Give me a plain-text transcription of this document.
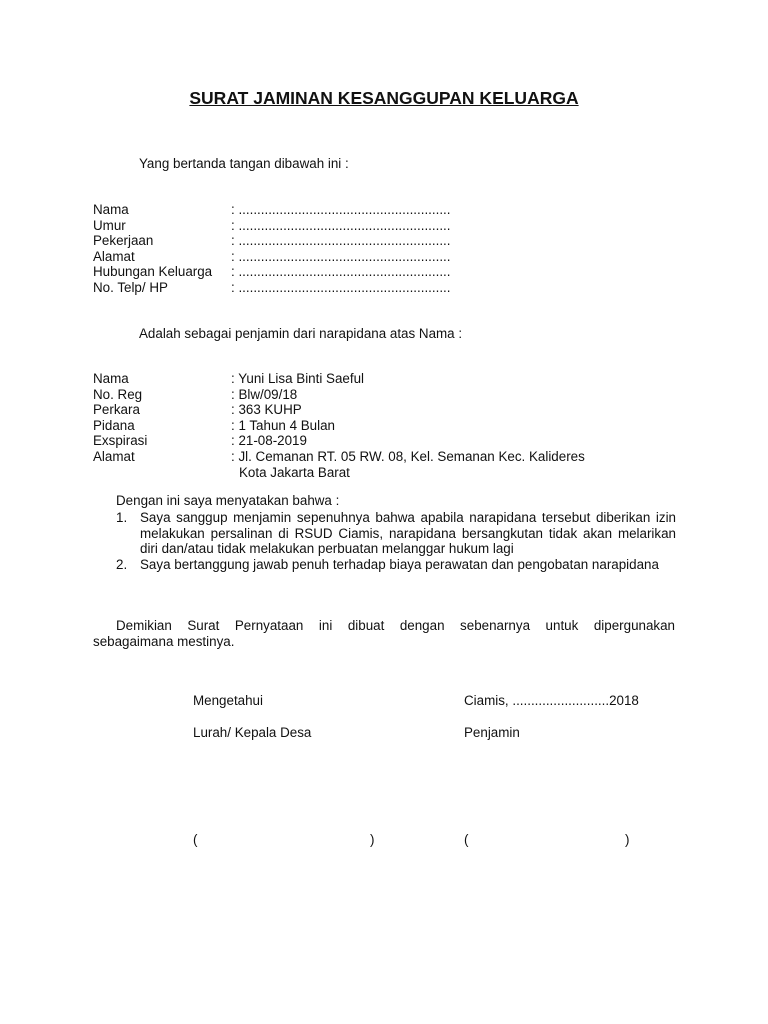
SURAT JAMINAN KESANGGUPAN KELUARGA
Yang bertanda tangan dibawah ini :
Nama	: .........................................................
Umur	: .........................................................
Pekerjaan	: .........................................................
Alamat	: .........................................................
Hubungan Keluarga	: .........................................................
No. Telp/ HP	: .........................................................
Adalah sebagai penjamin dari narapidana atas Nama :
Nama	: Yuni Lisa Binti Saeful
No. Reg	: Blw/09/18
Perkara	: 363 KUHP
Pidana	: 1 Tahun 4 Bulan
Exspirasi	: 21-08-2019
Alamat	: Jl. Cemanan RT. 05 RW. 08, Kel. Semanan Kec. Kalideres
Kota Jakarta Barat
Dengan ini saya menyatakan bahwa :
1. Saya sanggup menjamin sepenuhnya bahwa apabila narapidana tersebut diberikan izin melakukan persalinan di RSUD Ciamis, narapidana bersangkutan tidak akan melarikan diri dan/atau tidak melakukan perbuatan melanggar hukum lagi
2. Saya bertanggung jawab penuh terhadap biaya perawatan dan pengobatan narapidana
Demikian Surat Pernyataan ini dibuat dengan sebenarnya untuk dipergunakan
sebagaimana mestinya.
Mengetahui	Ciamis, ..........................2018
Lurah/ Kepala Desa	Penjamin
(	)	(	)
